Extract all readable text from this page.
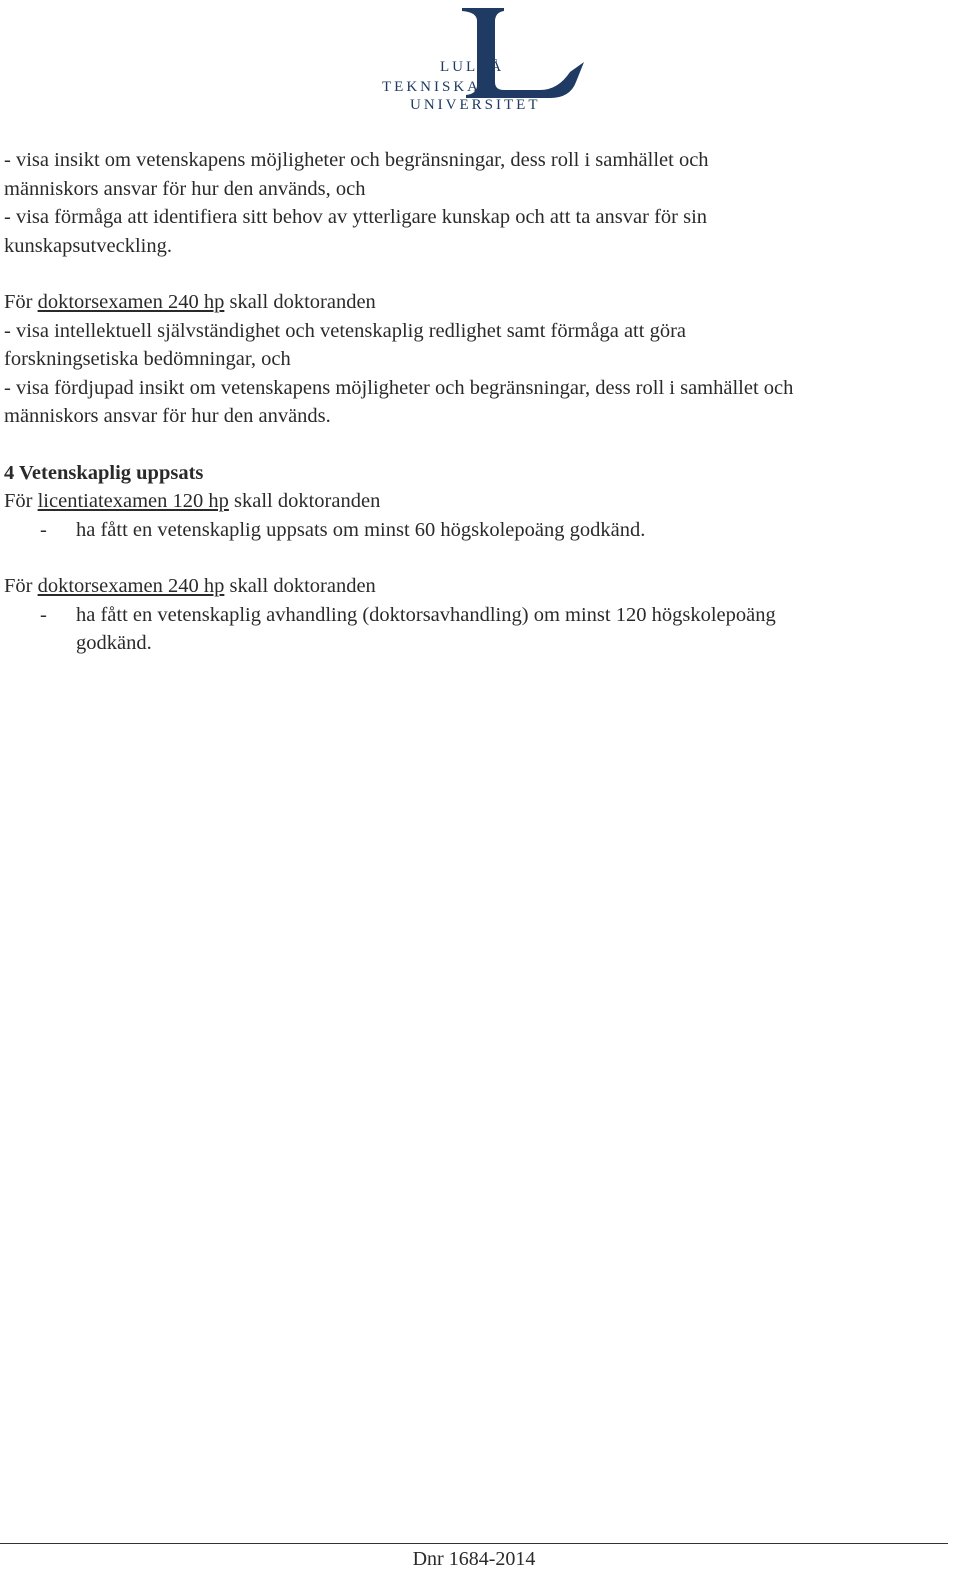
LULEÅ
TEKNISKA
UNIVERSITET
- visa insikt om vetenskapens möjligheter och begränsningar, dess roll i samhället och
människors ansvar för hur den används, och
- visa förmåga att identifiera sitt behov av ytterligare kunskap och att ta ansvar för sin
kunskapsutveckling.
För doktorsexamen 240 hp skall doktoranden
- visa intellektuell självständighet och vetenskaplig redlighet samt förmåga att göra
forskningsetiska bedömningar, och
- visa fördjupad insikt om vetenskapens möjligheter och begränsningar, dess roll i samhället och
människors ansvar för hur den används.
4 Vetenskaplig uppsats
För licentiatexamen 120 hp skall doktoranden
-	ha fått en vetenskaplig uppsats om minst 60 högskolepoäng godkänd.
För doktorsexamen 240 hp skall doktoranden
-	ha fått en vetenskaplig avhandling (doktorsavhandling) om minst 120 högskolepoäng
godkänd.
Dnr 1684-2014
